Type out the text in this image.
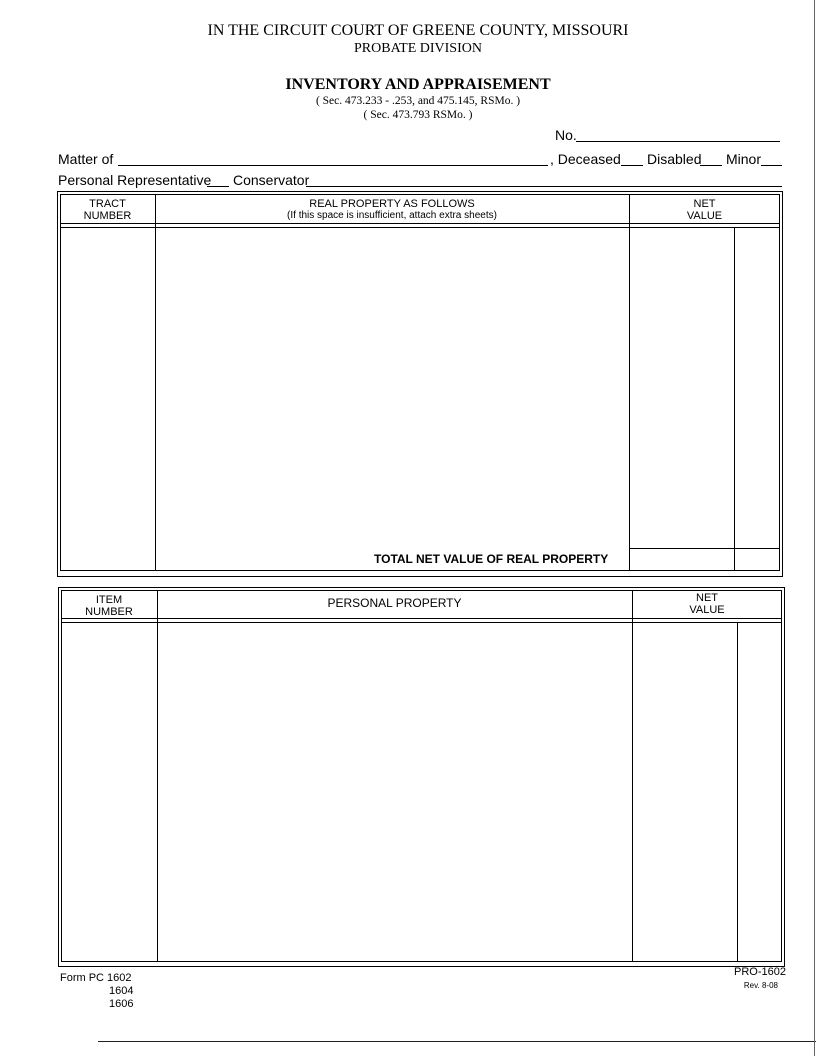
IN THE CIRCUIT COURT OF GREENE COUNTY, MISSOURI
PROBATE DIVISION
INVENTORY AND APPRAISEMENT
( Sec. 473.233 - .253, and 475.145, RSMo. )
( Sec. 473.793 RSMo. )
No.
Matter of	, Deceased Disabled Minor
Personal Representative Conservator
TRACT
NUMBER
REAL PROPERTY AS FOLLOWS
(If this space is insufficient, attach extra sheets)
NET
VALUE
TOTAL NET VALUE OF REAL PROPERTY
ITEM
NUMBER
PERSONAL PROPERTY	NET
VALUE
Form PC 1602
1604
1606
PRO-1602
Rev. 8-08
